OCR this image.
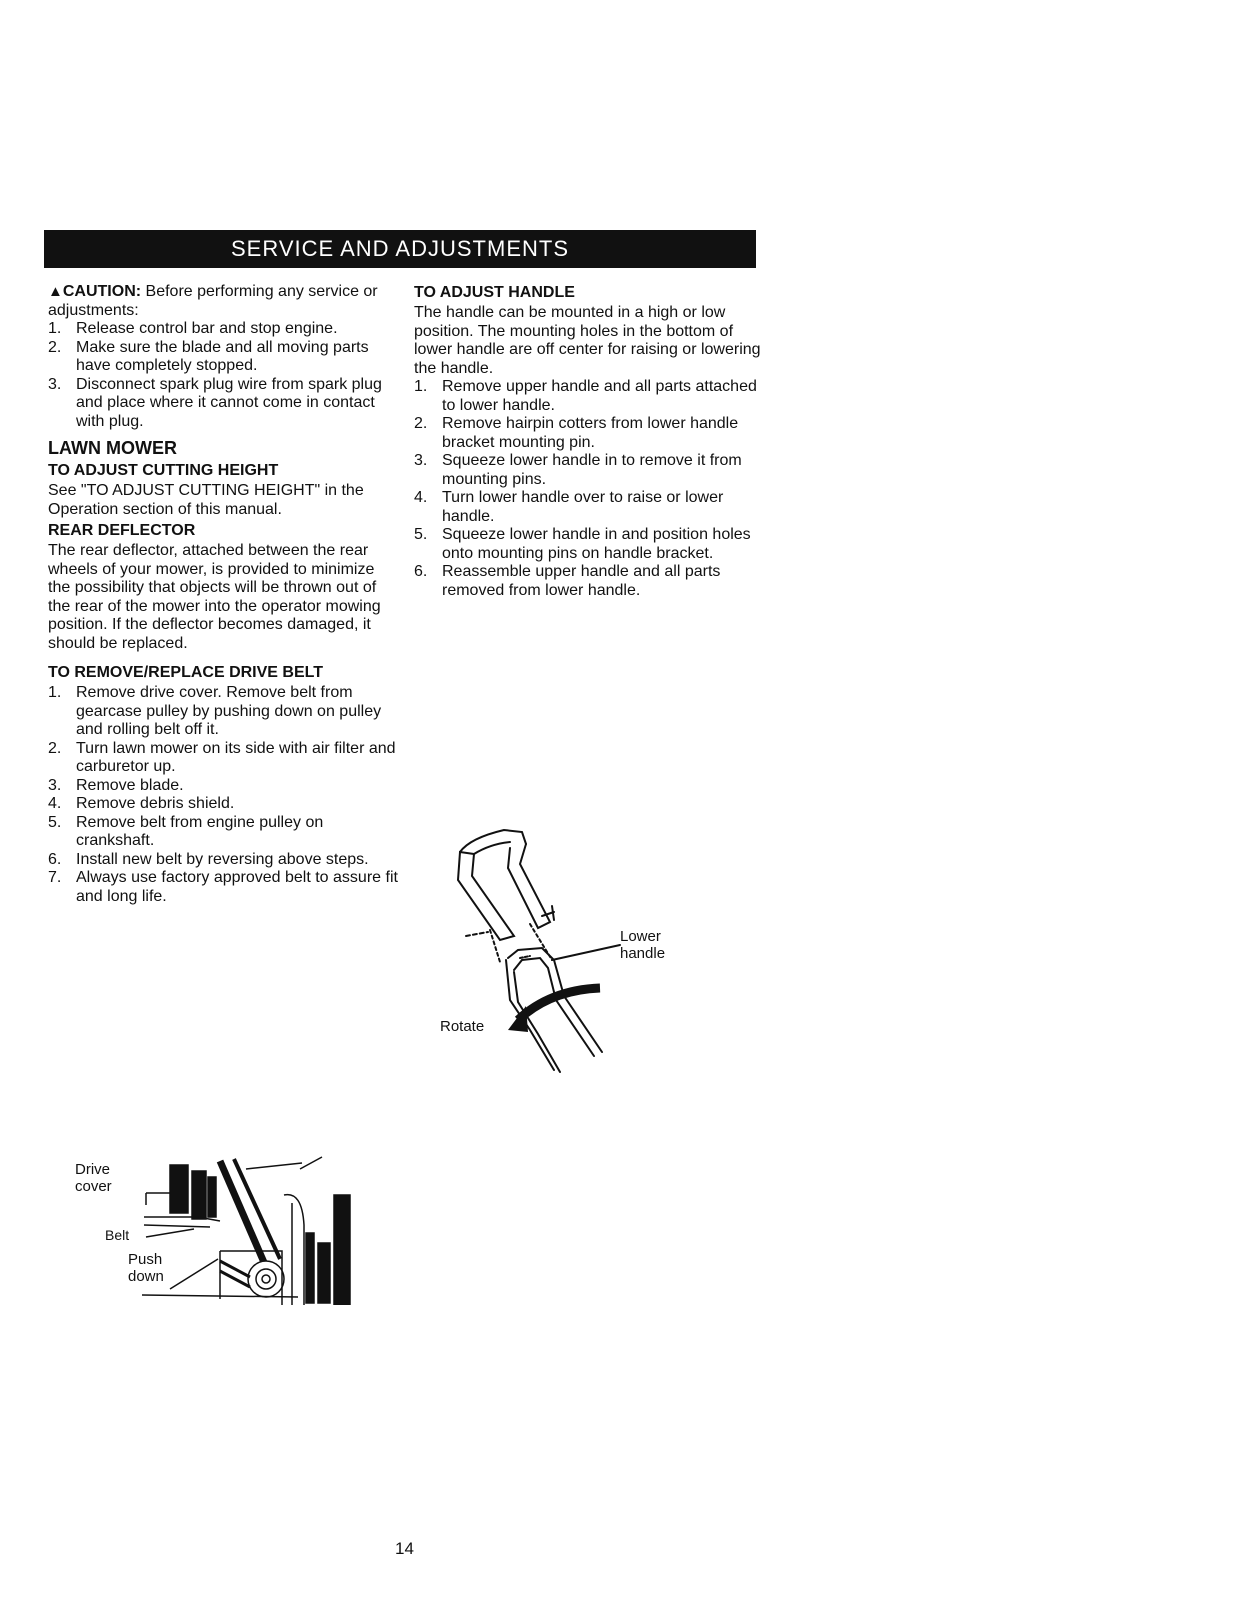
SERVICE AND ADJUSTMENTS

▲CAUTION: Before performing any service or adjustments:

1. Release control bar and stop engine.
2. Make sure the blade and all moving parts have completely stopped.
3. Disconnect spark plug wire from spark plug and place where it cannot come in contact with plug.
LAWN MOWER
TO ADJUST CUTTING HEIGHT

See "TO ADJUST CUTTING HEIGHT" in the Operation section of this manual.

REAR DEFLECTOR

The rear deflector, attached between the rear wheels of your mower, is provided to minimize the possibility that objects will be thrown out of the rear of the mower into the operator mowing position. If the deflector becomes damaged, it should be replaced.

TO REMOVE/REPLACE DRIVE BELT
1. Remove drive cover. Remove belt from gearcase pulley by pushing down on pulley and rolling belt off it.
2. Turn lawn mower on its side with air filter and carburetor up.
3. Remove blade.
4. Remove debris shield.
5. Remove belt from engine pulley on crankshaft.
6. Install new belt by reversing above steps.
7. Always use factory approved belt to assure fit and long life.
TO ADJUST HANDLE

The handle can be mounted in a high or low position. The mounting holes in the bottom of lower handle are off center for raising or lowering the handle.

1. Remove upper handle and all parts attached to lower handle.
2. Remove hairpin cotters from lower handle bracket mounting pin.
3. Squeeze lower handle in to remove it from mounting pins.
4. Turn lower handle over to raise or lower handle.
5. Squeeze lower handle in and position holes onto mounting pins on handle bracket.
6. Reassemble upper handle and all parts removed from lower handle.
Lower
handle
Rotate
Drive
cover
Belt
Push
down
14
